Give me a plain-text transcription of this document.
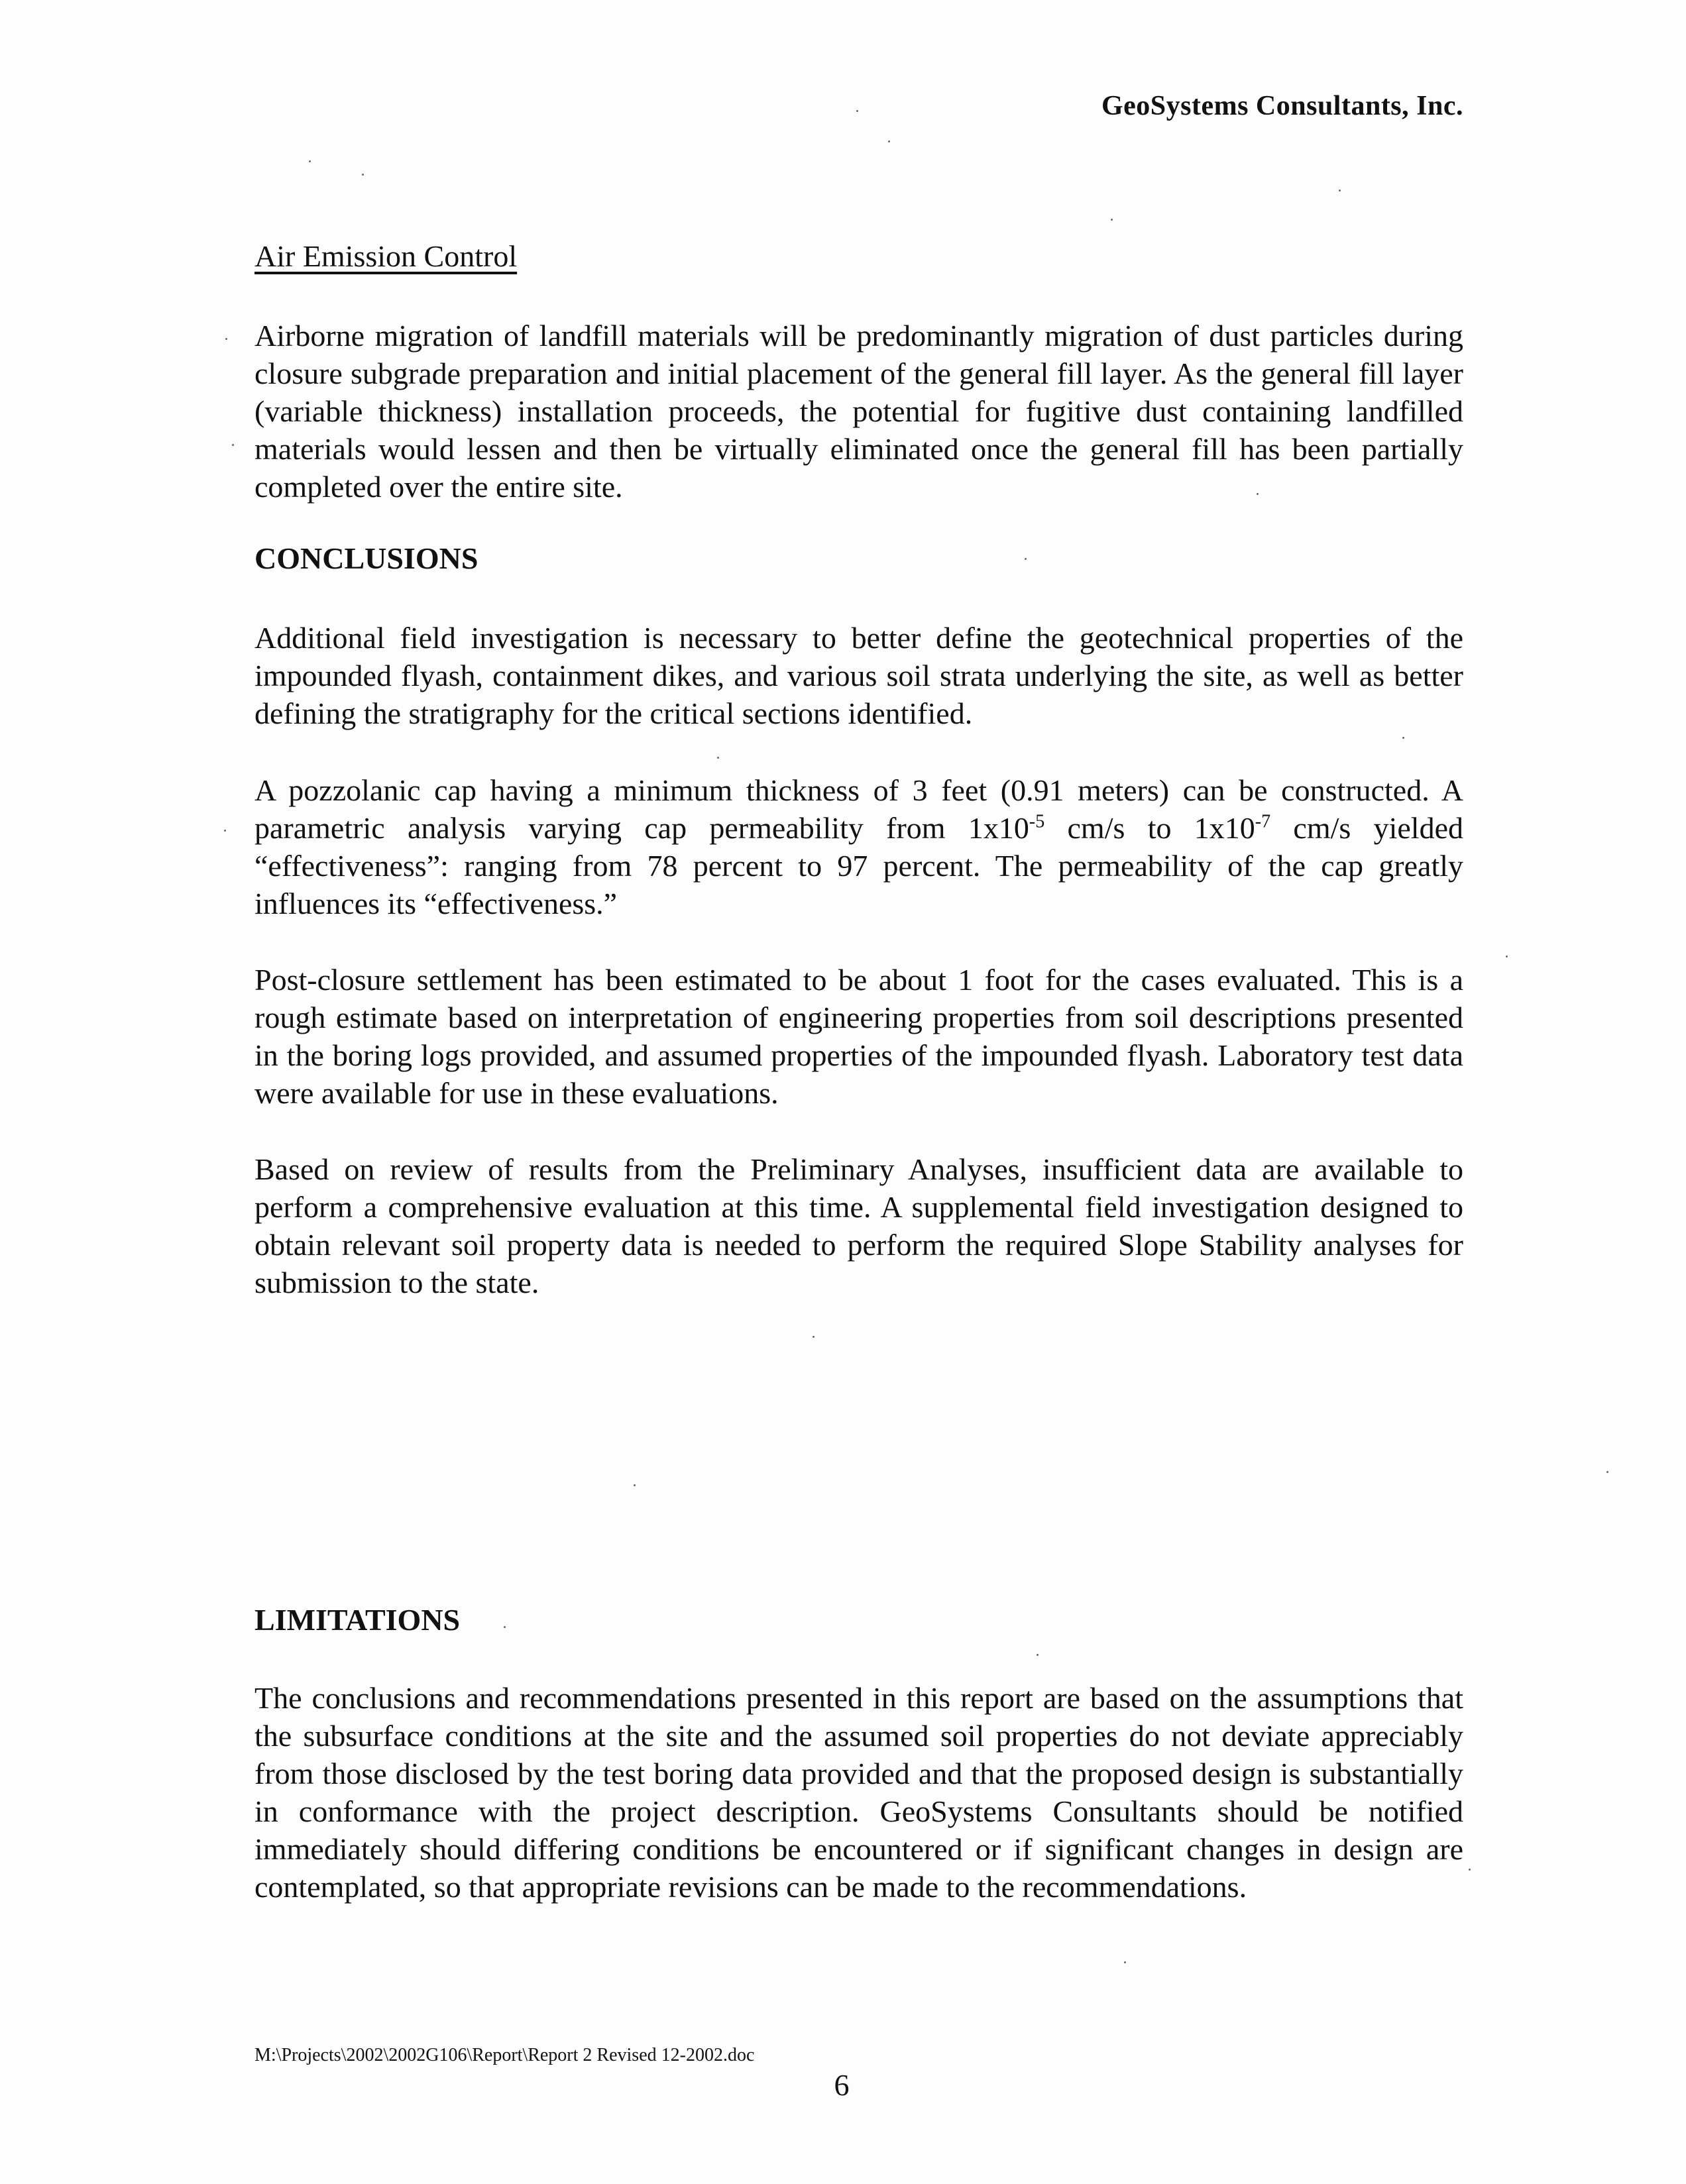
GeoSystems Consultants, Inc.
Air Emission Control

Airborne migration of landfill materials will be predominantly migration of dust particles during closure subgrade preparation and initial placement of the general fill layer. As the general fill layer (variable thickness) installation proceeds, the potential for fugitive dust containing landfilled materials would lessen and then be virtually eliminated once the general fill has been partially completed over the entire site.

CONCLUSIONS

Additional field investigation is necessary to better define the geotechnical properties of the impounded flyash, containment dikes, and various soil strata underlying the site, as well as better defining the stratigraphy for the critical sections identified.

A pozzolanic cap having a minimum thickness of 3 feet (0.91 meters) can be constructed. A parametric analysis varying cap permeability from $1x10^{-5}$ cm/s to $1x10^{-7}$ cm/s yielded “effectiveness”: ranging from 78 percent to 97 percent. The permeability of the cap greatly influences its “effectiveness.”

Post-closure settlement has been estimated to be about 1 foot for the cases evaluated. This is a rough estimate based on interpretation of engineering properties from soil descriptions presented in the boring logs provided, and assumed properties of the impounded flyash. Laboratory test data were available for use in these evaluations.

Based on review of results from the Preliminary Analyses, insufficient data are available to perform a comprehensive evaluation at this time. A supplemental field investigation designed to obtain relevant soil property data is needed to perform the required Slope Stability analyses for submission to the state.

LIMITATIONS

The conclusions and recommendations presented in this report are based on the assumptions that the subsurface conditions at the site and the assumed soil properties do not deviate appreciably from those disclosed by the test boring data provided and that the proposed design is substantially in conformance with the project description. GeoSystems Consultants should be notified immediately should differing conditions be encountered or if significant changes in design are contemplated, so that appropriate revisions can be made to the recommendations.

M:\Projects\2002\2002G106\Report\Report 2 Revised 12-2002.doc
6
